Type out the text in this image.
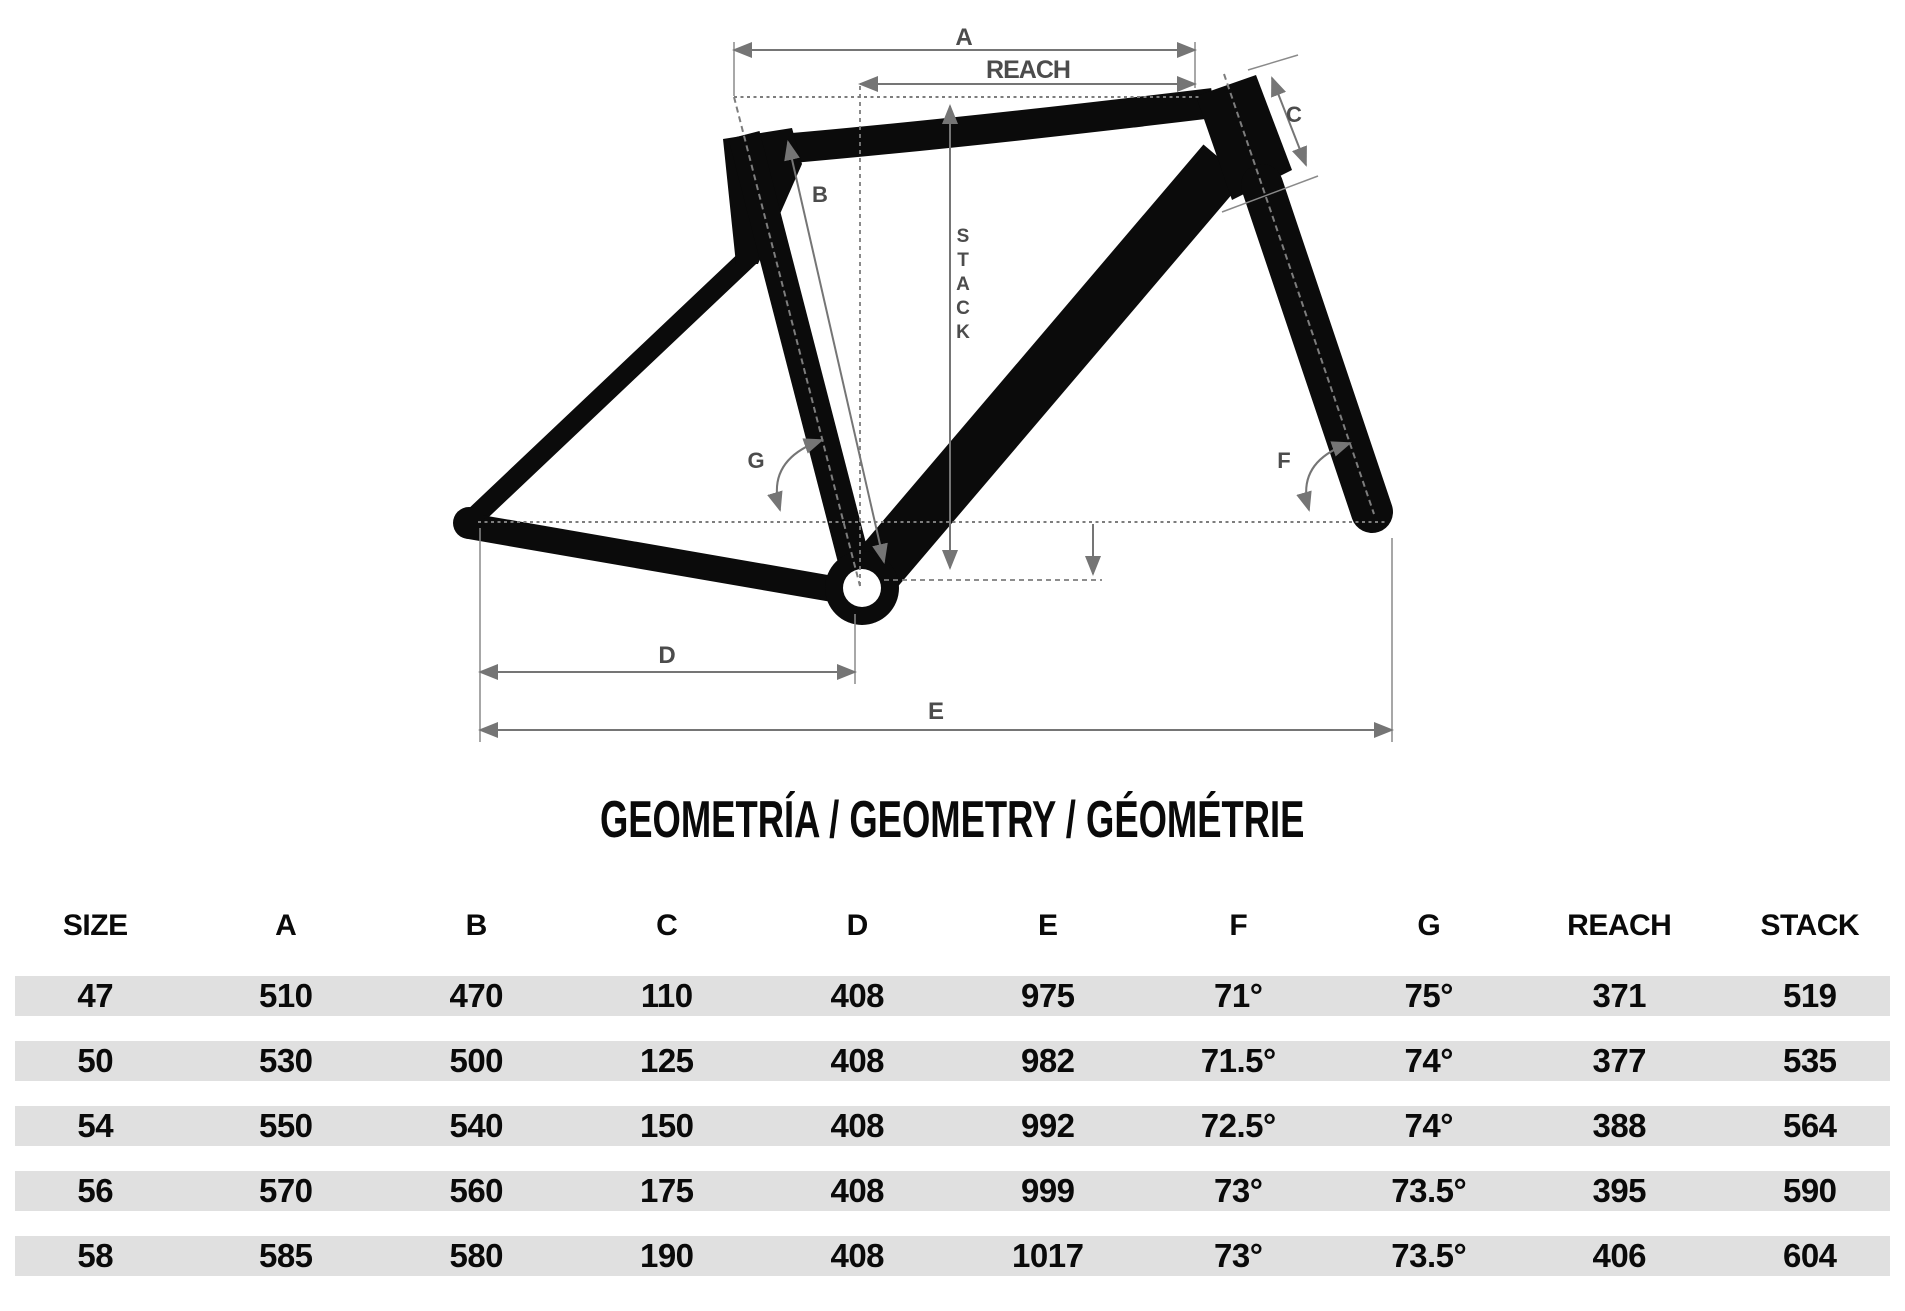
A
REACH
B
C
D
E
F
G
STACK
GEOMETRÍA / GEOMETRY / GÉOMÉTRIE
SIZE	A	B	C	D	E	F	G	REACH	STACK
47	510	470	110	408	975	71°	75°	371	519
50	530	500	125	408	982	71.5°	74°	377	535
54	550	540	150	408	992	72.5°	74°	388	564
56	570	560	175	408	999	73°	73.5°	395	590
58	585	580	190	408	1017	73°	73.5°	406	604
